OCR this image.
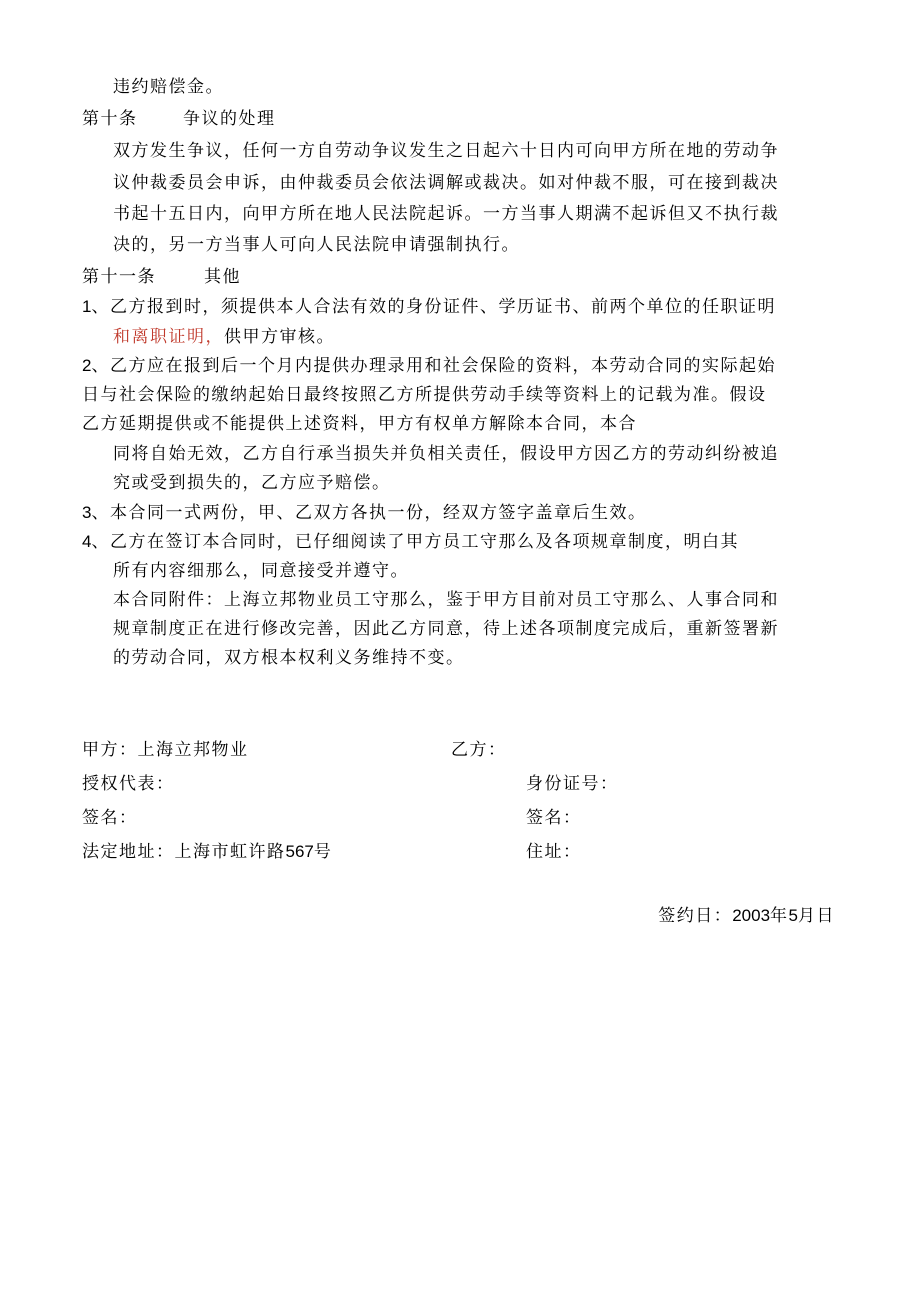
违约赔偿金。
第十条	争议的处理
双方发生争议，任何一方自劳动争议发生之日起六十日内可向甲方所在地的劳动争
议仲裁委员会申诉，由仲裁委员会依法调解或裁决。如对仲裁不服，可在接到裁决
书起十五日内，向甲方所在地人民法院起诉。一方当事人期满不起诉但又不执行裁
决的，另一方当事人可向人民法院申请强制执行。
第十一条	其他
1、乙方报到时，须提供本人合法有效的身份证件、学历证书、前两个单位的任职证明
和离职证明，供甲方审核。
2、乙方应在报到后一个月内提供办理录用和社会保险的资料，本劳动合同的实际起始
日与社会保险的缴纳起始日最终按照乙方所提供劳动手续等资料上的记载为准。假设
乙方延期提供或不能提供上述资料，甲方有权单方解除本合同，本合
同将自始无效，乙方自行承当损失并负相关责任，假设甲方因乙方的劳动纠纷被追
究或受到损失的，乙方应予赔偿。
3、本合同一式两份，甲、乙双方各执一份，经双方签字盖章后生效。
4、乙方在签订本合同时，已仔细阅读了甲方员工守那么及各项规章制度，明白其
所有内容细那么，同意接受并遵守。
本合同附件：上海立邦物业员工守那么，鉴于甲方目前对员工守那么、人事合同和
规章制度正在进行修改完善，因此乙方同意，待上述各项制度完成后，重新签署新
的劳动合同，双方根本权利义务维持不变。
甲方：上海立邦物业	乙方：
授权代表：	身份证号：
签名：	签名：
法定地址：上海市虹许路567号	住址：
签约日：2003年5月日
